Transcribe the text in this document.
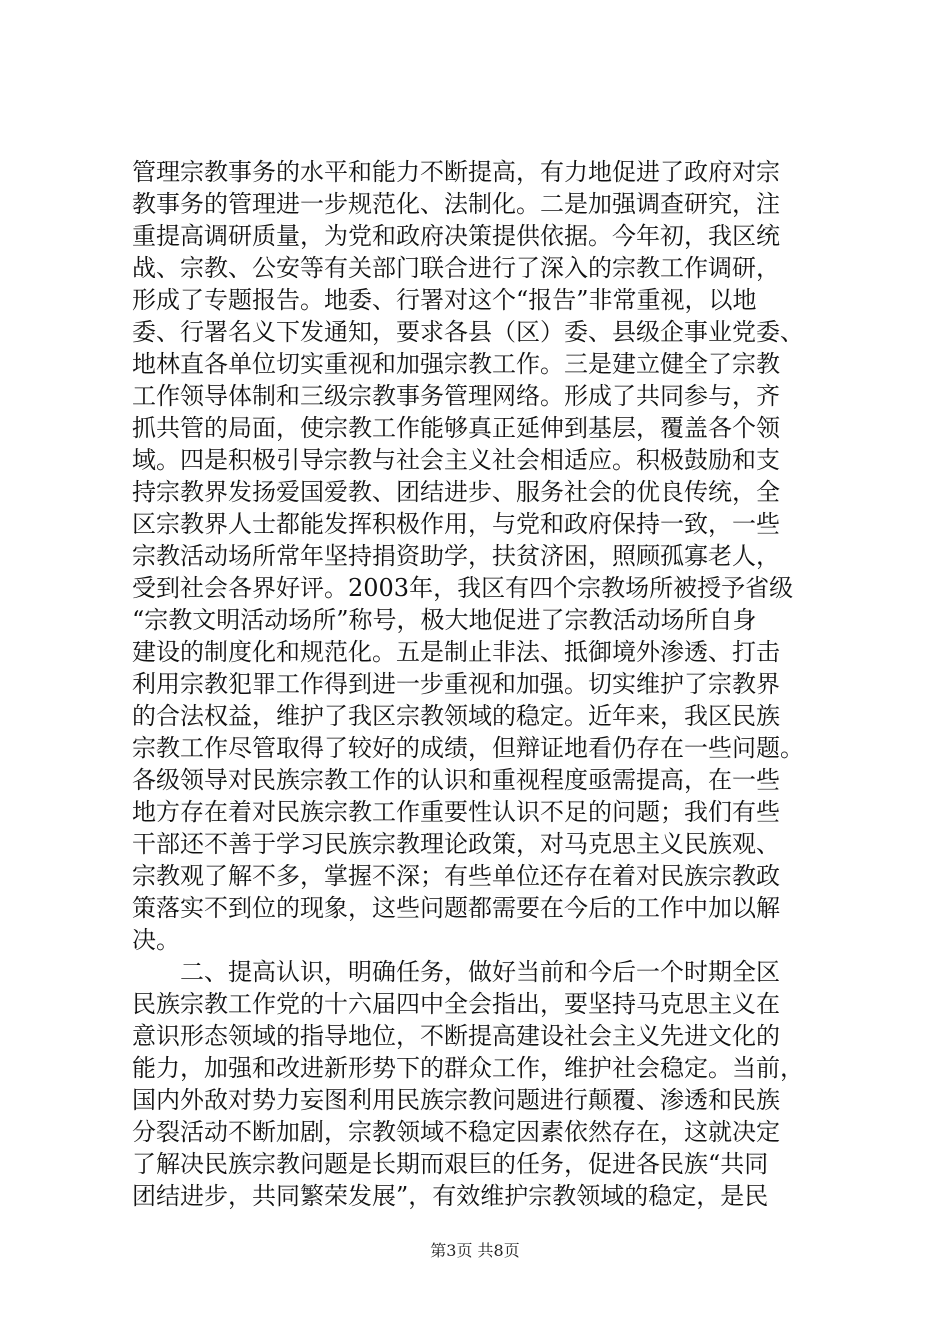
管理宗教事务的水平和能力不断提高，有力地促进了政府对宗
教事务的管理进一步规范化、法制化。二是加强调查研究，注
重提高调研质量，为党和政府决策提供依据。今年初，我区统
战、宗教、公安等有关部门联合进行了深入的宗教工作调研，
形成了专题报告。地委、行署对这个“报告”非常重视，以地
委、行署名义下发通知，要求各县（区）委、县级企事业党委、
地林直各单位切实重视和加强宗教工作。三是建立健全了宗教
工作领导体制和三级宗教事务管理网络。形成了共同参与，齐
抓共管的局面，使宗教工作能够真正延伸到基层，覆盖各个领
域。四是积极引导宗教与社会主义社会相适应。积极鼓励和支
持宗教界发扬爱国爱教、团结进步、服务社会的优良传统，全
区宗教界人士都能发挥积极作用，与党和政府保持一致，一些
宗教活动场所常年坚持捐资助学，扶贫济困，照顾孤寡老人，
受到社会各界好评。2003年，我区有四个宗教场所被授予省级
“宗教文明活动场所”称号，极大地促进了宗教活动场所自身
建设的制度化和规范化。五是制止非法、抵御境外渗透、打击
利用宗教犯罪工作得到进一步重视和加强。切实维护了宗教界
的合法权益，维护了我区宗教领域的稳定。近年来，我区民族
宗教工作尽管取得了较好的成绩，但辩证地看仍存在一些问题。
各级领导对民族宗教工作的认识和重视程度亟需提高，在一些
地方存在着对民族宗教工作重要性认识不足的问题；我们有些
干部还不善于学习民族宗教理论政策，对马克思主义民族观、
宗教观了解不多，掌握不深；有些单位还存在着对民族宗教政
策落实不到位的现象，这些问题都需要在今后的工作中加以解
决。
　　二、提高认识，明确任务，做好当前和今后一个时期全区
民族宗教工作党的十六届四中全会指出，要坚持马克思主义在
意识形态领域的指导地位，不断提高建设社会主义先进文化的
能力，加强和改进新形势下的群众工作，维护社会稳定。当前，
国内外敌对势力妄图利用民族宗教问题进行颠覆、渗透和民族
分裂活动不断加剧，宗教领域不稳定因素依然存在，这就决定
了解决民族宗教问题是长期而艰巨的任务，促进各民族“共同
团结进步，共同繁荣发展”，有效维护宗教领域的稳定，是民
第3页 共8页
